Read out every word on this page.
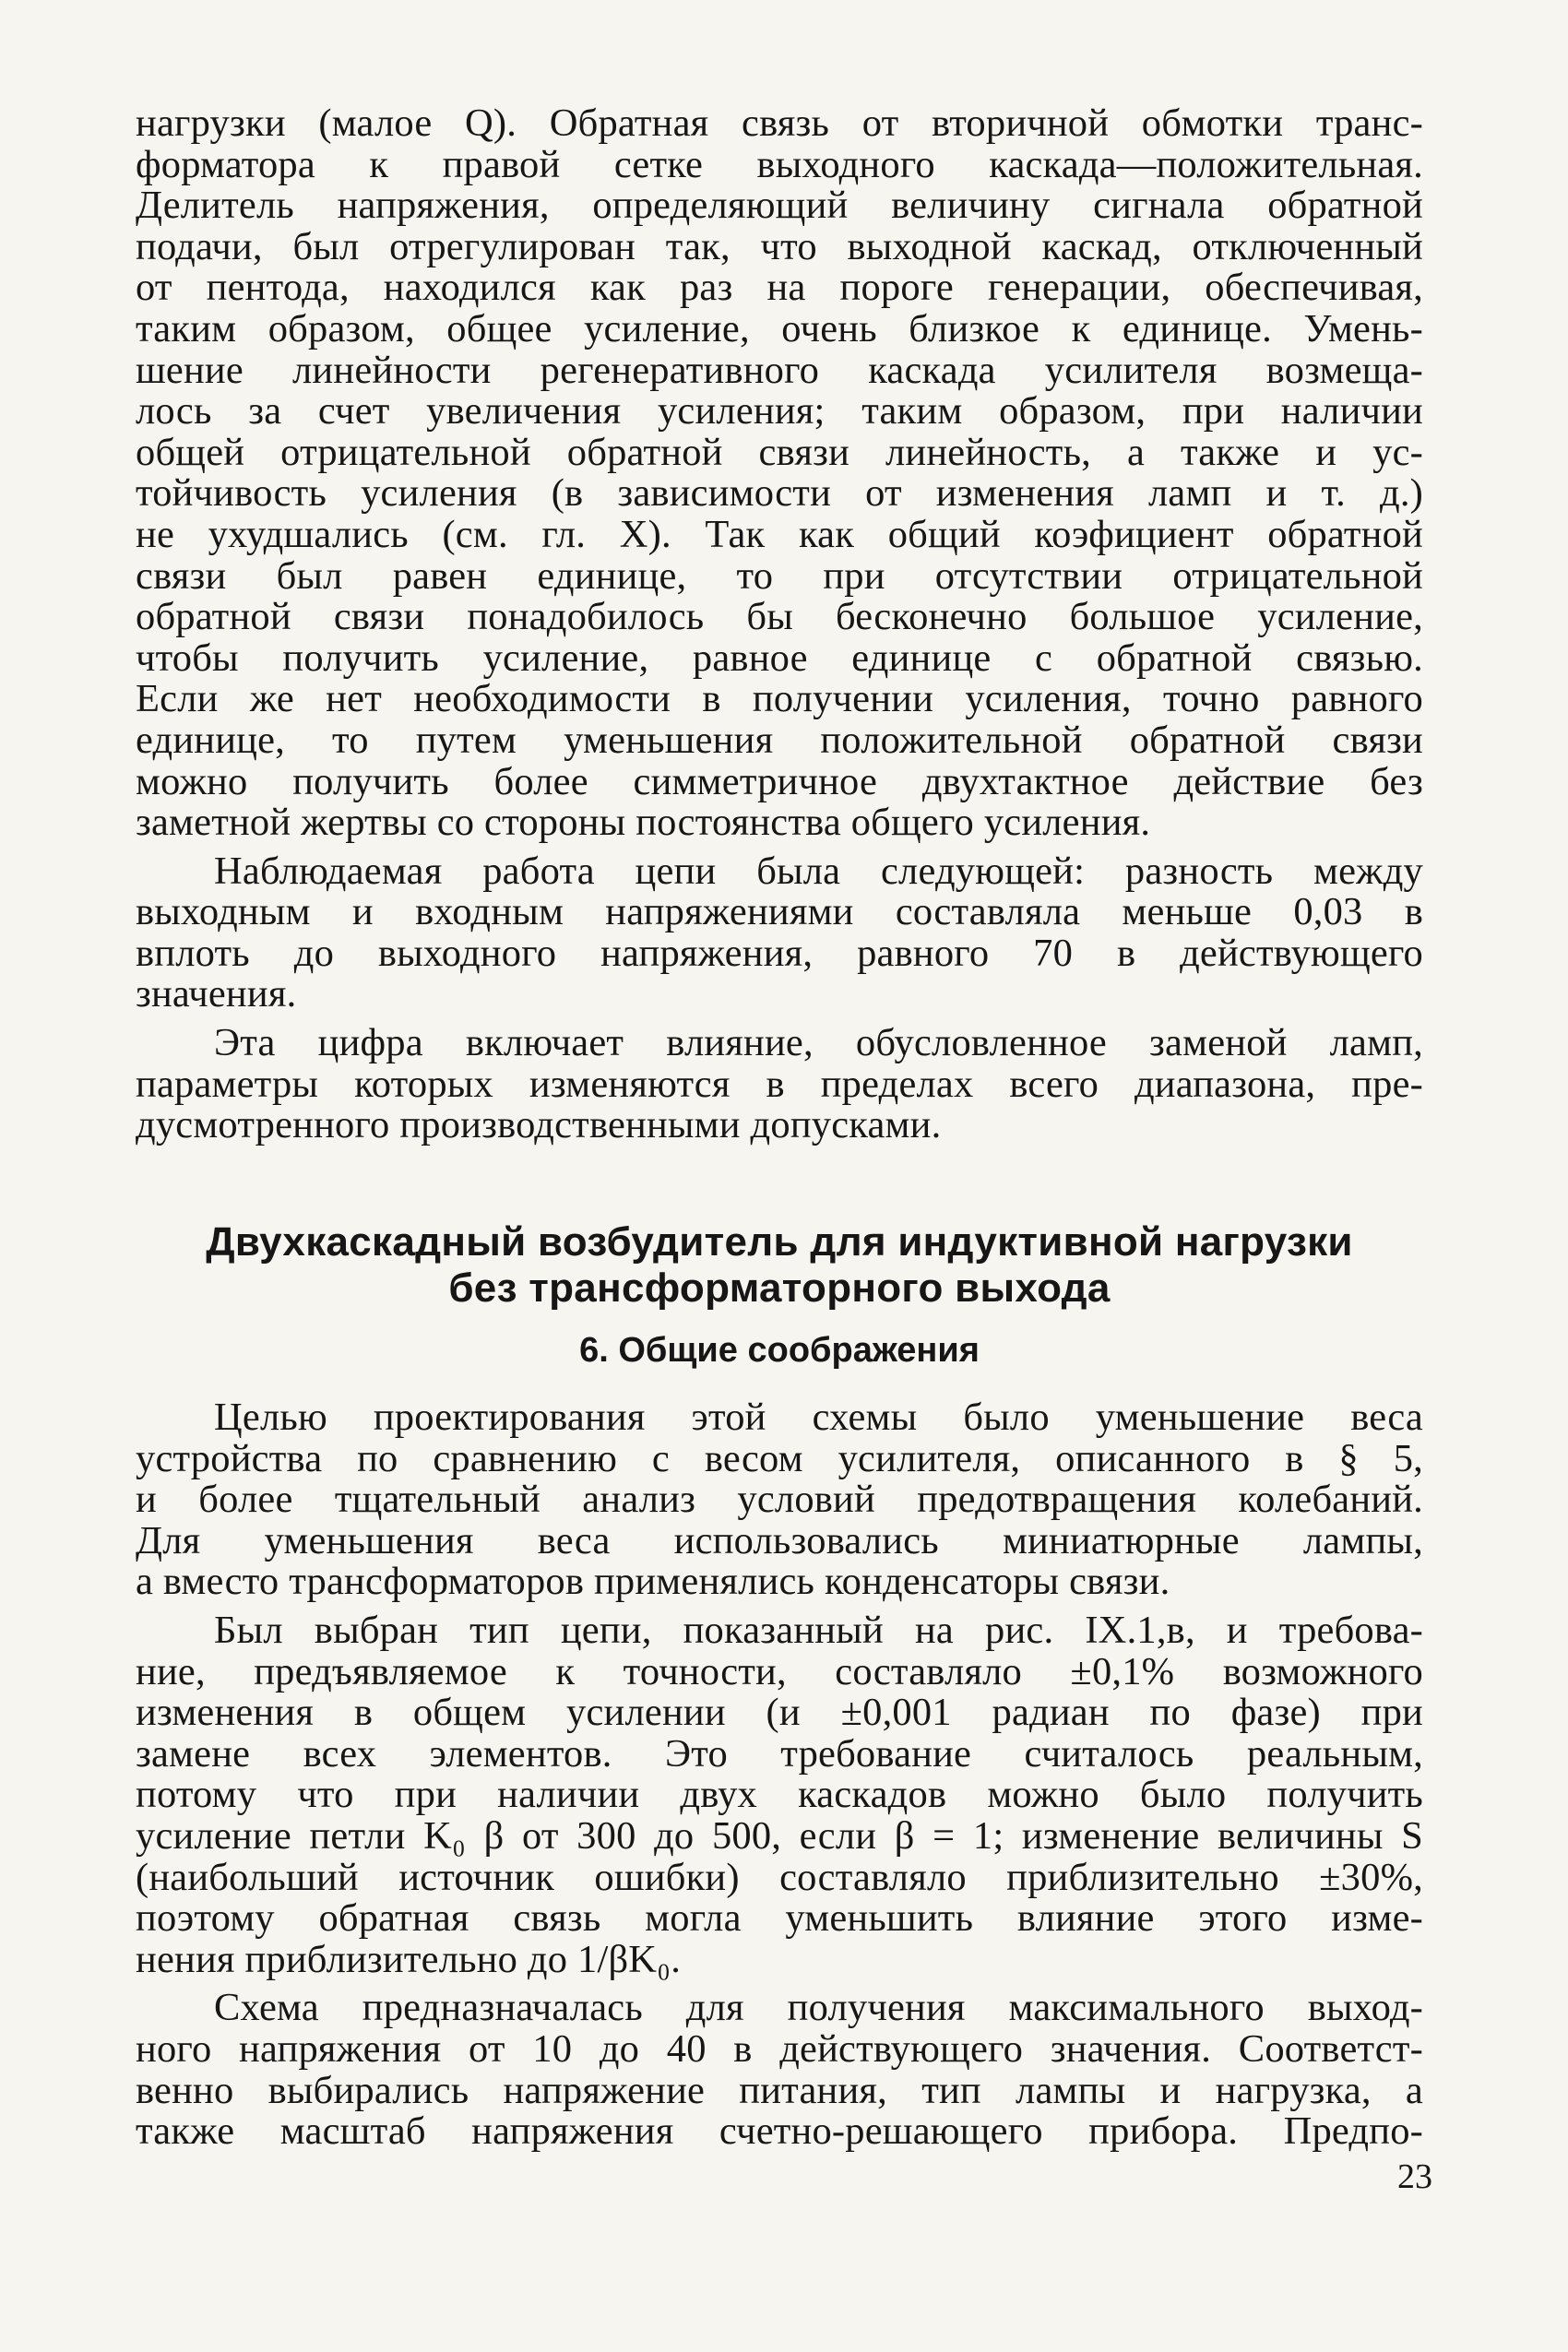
нагрузки (малое Q). Обратная связь от вторичной обмотки транс-
форматора к правой сетке выходного каскада—положительная.
Делитель напряжения, определяющий величину сигнала обратной
подачи, был отрегулирован так, что выходной каскад, отключенный
от пентода, находился как раз на пороге генерации, обеспечивая,
таким образом, общее усиление, очень близкое к единице. Умень-
шение линейности регенеративного каскада усилителя возмеща-
лось за счет увеличения усиления; таким образом, при наличии
общей отрицательной обратной связи линейность, а также и ус-
тойчивость усиления (в зависимости от изменения ламп и т. д.)
не ухудшались (см. гл. X). Так как общий коэфициент обратной
связи был равен единице, то при отсутствии отрицательной
обратной связи понадобилось бы бесконечно большое усиление,
чтобы получить усиление, равное единице с обратной связью.
Если же нет необходимости в получении усиления, точно равного
единице, то путем уменьшения положительной обратной связи
можно получить более симметричное двухтактное действие без
заметной жертвы со стороны постоянства общего усиления.
Наблюдаемая работа цепи была следующей: разность между
выходным и входным напряжениями составляла меньше 0,03 в
вплоть до выходного напряжения, равного 70 в действующего
значения.
Эта цифра включает влияние, обусловленное заменой ламп,
параметры которых изменяются в пределах всего диапазона, пре-
дусмотренного производственными допусками.
Двухкаскадный возбудитель для индуктивной нагрузки
без трансформаторного выхода
6. Общие соображения
Целью проектирования этой схемы было уменьшение веса
устройства по сравнению с весом усилителя, описанного в § 5,
и более тщательный анализ условий предотвращения колебаний.
Для уменьшения веса использовались миниатюрные лампы,
а вместо трансформаторов применялись конденсаторы связи.
Был выбран тип цепи, показанный на рис. IX.1,в, и требова-
ние, предъявляемое к точности, составляло ±0,1% возможного
изменения в общем усилении (и ±0,001 радиан по фазе) при
замене всех элементов. Это требование считалось реальным,
потому что при наличии двух каскадов можно было получить
усиление петли K₀ β от 300 до 500, если β = 1; изменение величины S
(наибольший источник ошибки) составляло приблизительно ±30%,
поэтому обратная связь могла уменьшить влияние этого изме-
нения приблизительно до 1/βK₀.
Схема предназначалась для получения максимального выход-
ного напряжения от 10 до 40 в действующего значения. Соответст-
венно выбирались напряжение питания, тип лампы и нагрузка, а
также масштаб напряжения счетно-решающего прибора. Предпо-
23
